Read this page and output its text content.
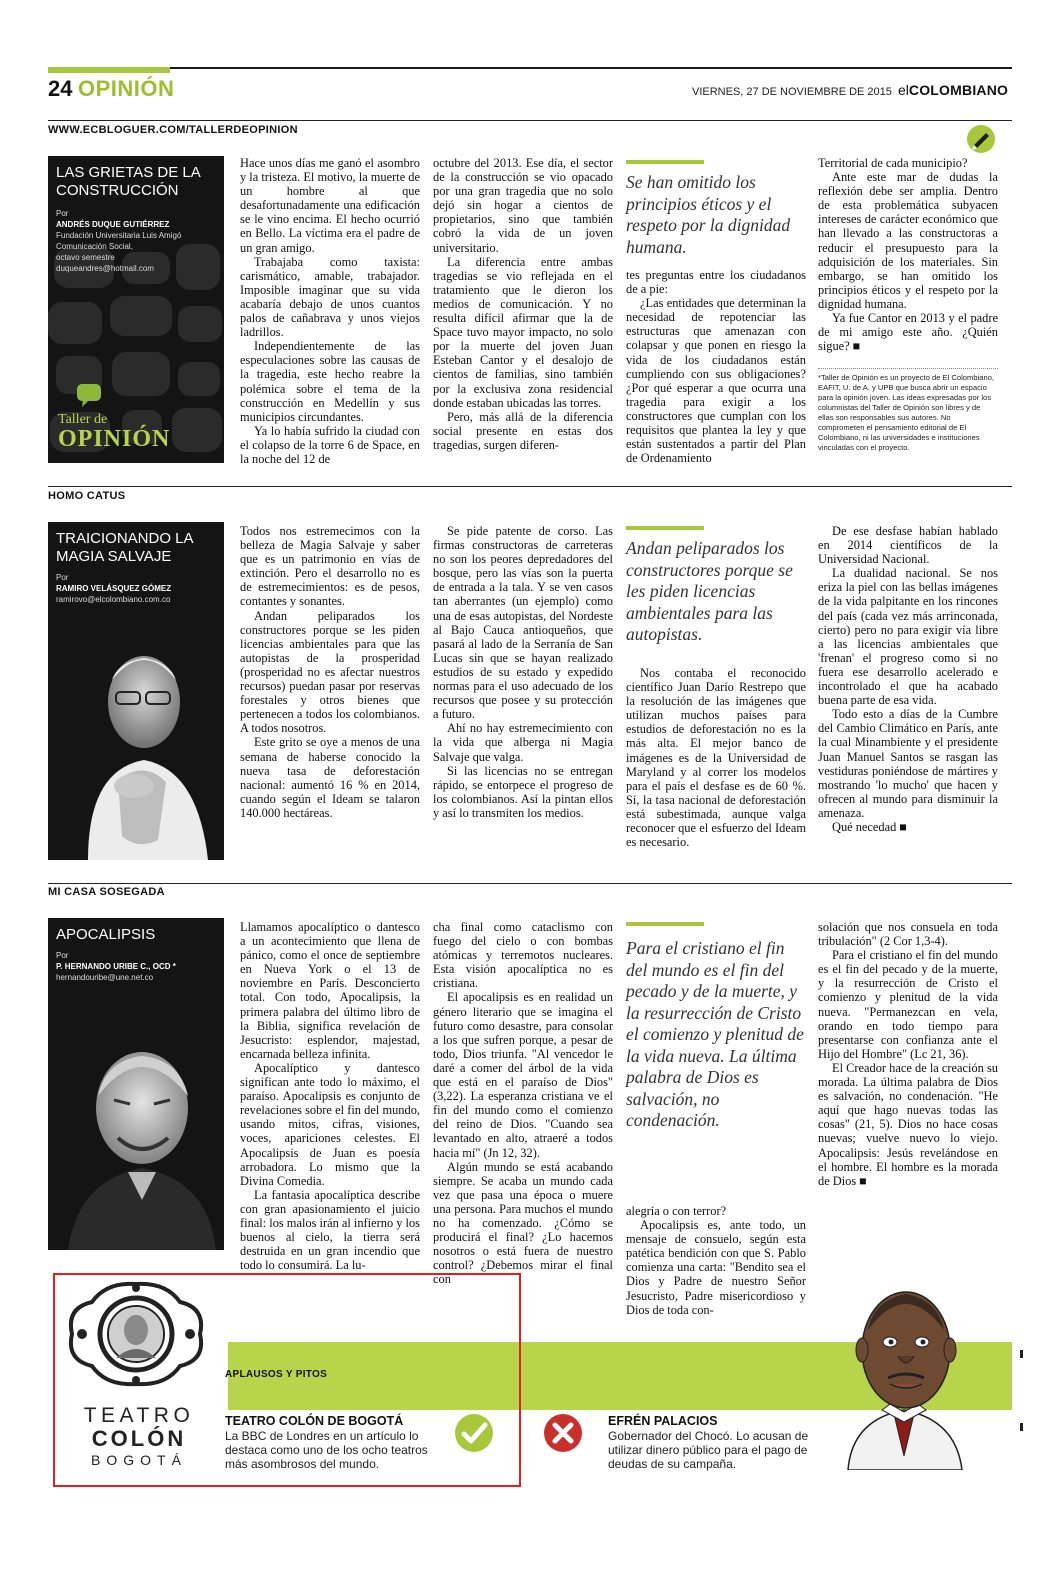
24 OPINIÓN	VIERNES, 27 DE NOVIEMBRE DE 2015 elCOLOMBIANO
WWW.ECBLOGUER.COM/TALLERDEOPINION
LAS GRIETAS DE LA CONSTRUCCIÓN
Por
ANDRÉS DUQUE GUTIÉRREZ
Fundación Universitaria Luis Amigó
Comunicación Social,
octavo semestre
duqueandres@hotmail.com
Taller de
OPINIÓN

Hace unos días me ganó el asombro y la tristeza. El motivo, la muerte de un hombre al que desafortunadamente una edificación se le vino encima. El hecho ocurrió en Bello. La víctima era el padre de un gran amigo.

Trabajaba como taxista: carismático, amable, trabajador. Imposible imaginar que su vida acabaría debajo de unos cuantos palos de cañabrava y unos viejos ladrillos.

Independientemente de las especulaciones sobre las causas de la tragedia, este hecho reabre la polémica sobre el tema de la construcción en Medellín y sus municipios circundantes.

Ya lo había sufrido la ciudad con el colapso de la torre 6 de Space, en la noche del 12 de

octubre del 2013. Ese día, el sector de la construcción se vio opacado por una gran tragedia que no solo dejó sin hogar a cientos de propietarios, sino que también cobró la vida de un joven universitario.

La diferencia entre ambas tragedias se vio reflejada en el tratamiento que le dieron los medios de comunicación. Y no resulta difícil afirmar que la de Space tuvo mayor impacto, no solo por la muerte del joven Juan Esteban Cantor y el desalojo de cientos de familias, sino también por la exclusiva zona residencial donde estaban ubicadas las torres.

Pero, más allá de la diferencia social presente en estas dos tragedias, surgen diferen-

Se han omitido los principios éticos y el respeto por la dignidad humana.

tes preguntas entre los ciudadanos de a pie:

¿Las entidades que determinan la necesidad de repotenciar las estructuras que amenazan con colapsar y que ponen en riesgo la vida de los ciudadanos están cumpliendo con sus obligaciones? ¿Por qué esperar a que ocurra una tragedia para exigir a los constructores que cumplan con los requisitos que plantea la ley y que están sustentados a partir del Plan de Ordenamiento

Territorial de cada municipio?

Ante este mar de dudas la reflexión debe ser amplia. Dentro de esta problemática subyacen intereses de carácter económico que han llevado a las constructoras a reducir el presupuesto para la adquisición de los materiales. Sin embargo, se han omitido los principios éticos y el respeto por la dignidad humana.

Ya fue Cantor en 2013 y el padre de mi amigo este año. ¿Quién sigue? ■

*Taller de Opinión es un proyecto de El Colombiano, EAFIT, U. de A. y UPB que busca abrir un espacio para la opinión joven. Las ideas expresadas por los columnistas del Taller de Opinión son libres y de ellas son responsables sus autores. No comprometen el pensamiento editorial de El Colombiano, ni las universidades e instituciones vinculadas con el proyecto.
HOMO CATUS
TRAICIONANDO LA MAGIA SALVAJE
Por
RAMIRO VELÁSQUEZ GÓMEZ
ramirovo@elcolombiano.com.co

Todos nos estremecimos con la belleza de Magia Salvaje y saber que es un patrimonio en vías de extinción. Pero el desarrollo no es de estremecimientos: es de pesos, contantes y sonantes.

Andan peliparados los constructores porque se les piden licencias ambientales para que las autopistas de la prosperidad (prosperidad no es afectar nuestros recursos) puedan pasar por reservas forestales y otros bienes que pertenecen a todos los colombianos. A todos nosotros.

Este grito se oye a menos de una semana de haberse conocido la nueva tasa de deforestación nacional: aumentó 16 % en 2014, cuando según el Ideam se talaron 140.000 hectáreas.

Se pide patente de corso. Las firmas constructoras de carreteras no son los peores depredadores del bosque, pero las vías son la puerta de entrada a la tala. Y se ven casos tan aberrantes (un ejemplo) como una de esas autopistas, del Nordeste al Bajo Cauca antioqueños, que pasará al lado de la Serranía de San Lucas sin que se hayan realizado estudios de su estado y expedido normas para el uso adecuado de los recursos que posee y su protección a futuro.

Ahí no hay estremecimiento con la vida que alberga ni Magia Salvaje que valga.

Si las licencias no se entregan rápido, se entorpece el progreso de los colombianos. Así la pintan ellos y así lo transmiten los medios.

Andan peliparados los constructores porque se les piden licencias ambientales para las autopistas.

Nos contaba el reconocido científico Juan Darío Restrepo que la resolución de las imágenes que utilizan muchos países para estudios de deforestación no es la más alta. El mejor banco de imágenes es de la Universidad de Maryland y al correr los modelos para el país el desfase es de 60 %. Sí, la tasa nacional de deforestación está subestimada, aunque valga reconocer que el esfuerzo del Ideam es necesario.

De ese desfase habían hablado en 2014 científicos de la Universidad Nacional.

La dualidad nacional. Se nos eriza la piel con las bellas imágenes de la vida palpitante en los rincones del país (cada vez más arrinconada, cierto) pero no para exigir vía libre a las licencias ambientales que 'frenan' el progreso como si no fuera ese desarrollo acelerado e incontrolado el que ha acabado buena parte de esa vida.

Todo esto a días de la Cumbre del Cambio Climático en París, ante la cual Minambiente y el presidente Juan Manuel Santos se rasgan las vestiduras poniéndose de mártires y mostrando 'lo mucho' que hacen y ofrecen al mundo para disminuir la amenaza.

Qué necedad ■

MI CASA SOSEGADA
APOCALIPSIS
Por
P. HERNANDO URIBE C., OCD *
hernandouribe@une.net.co

Llamamos apocalíptico o dantesco a un acontecimiento que llena de pánico, como el once de septiembre en Nueva York o el 13 de noviembre en París. Desconcierto total. Con todo, Apocalipsis, la primera palabra del último libro de la Biblia, significa revelación de Jesucristo: esplendor, majestad, encarnada belleza infinita.

Apocalíptico y dantesco significan ante todo lo máximo, el paraíso. Apocalipsis es conjunto de revelaciones sobre el fin del mundo, usando mitos, cifras, visiones, voces, apariciones celestes. El Apocalipsis de Juan es poesía arrobadora. Lo mismo que la Divina Comedia.

La fantasia apocalíptica describe con gran apasionamiento el juicio final: los malos irán al infierno y los buenos al cielo, la tierra será destruida en un gran incendio que todo lo consumirá. La lu-

cha final como cataclismo con fuego del cielo o con bombas atómicas y terremotos nucleares. Esta visión apocalíptica no es cristiana.

El apocalipsis es en realidad un género literario que se imagina el futuro como desastre, para consolar a los que sufren porque, a pesar de todo, Dios triunfa. "Al vencedor le daré a comer del árbol de la vida que está en el paraíso de Dios" (3,22). La esperanza cristiana ve el fin del mundo como el comienzo del reino de Dios. "Cuando sea levantado en alto, atraeré a todos hacia mí" (Jn 12, 32).

Algún mundo se está acabando siempre. Se acaba un mundo cada vez que pasa una época o muere una persona. Para muchos el mundo no ha comenzado. ¿Cómo se producirá el final? ¿Lo hacemos nosotros o está fuera de nuestro control? ¿Debemos mirar el final con

Para el cristiano el fin del mundo es el fin del pecado y de la muerte, y la resurrección de Cristo el comienzo y plenitud de la vida nueva. La última palabra de Dios es salvación, no condenación.

alegría o con terror?

Apocalipsis es, ante todo, un mensaje de consuelo, según esta patética bendición con que S. Pablo comienza una carta: "Bendito sea el Dios y Padre de nuestro Señor Jesucristo, Padre misericordioso y Dios de toda con-

solación que nos consuela en toda tribulación" (2 Cor 1,3-4).

Para el cristiano el fin del mundo es el fin del pecado y de la muerte, y la resurrección de Cristo el comienzo y plenitud de la vida nueva. "Permanezcan en vela, orando en todo tiempo para presentarse con confianza ante el Hijo del Hombre" (Lc 21, 36).

El Creador hace de la creación su morada. La última palabra de Dios es salvación, no condenación. "He aquí que hago nuevas todas las cosas" (21, 5). Dios no hace cosas nuevas; vuelve nuevo lo viejo. Apocalipsis: Jesús revelándose en el hombre. El hombre es la morada de Dios ■

APLAUSOS Y PITOS
TEATRO
COLÓN
BOGOTÁ
TEATRO COLÓN DE BOGOTÁ
La BBC de Londres en un artículo lo destaca como uno de los ocho teatros más asombrosos del mundo.
EFRÉN PALACIOS
Gobernador del Chocó. Lo acusan de utilizar dinero público para el pago de deudas de su campaña.
